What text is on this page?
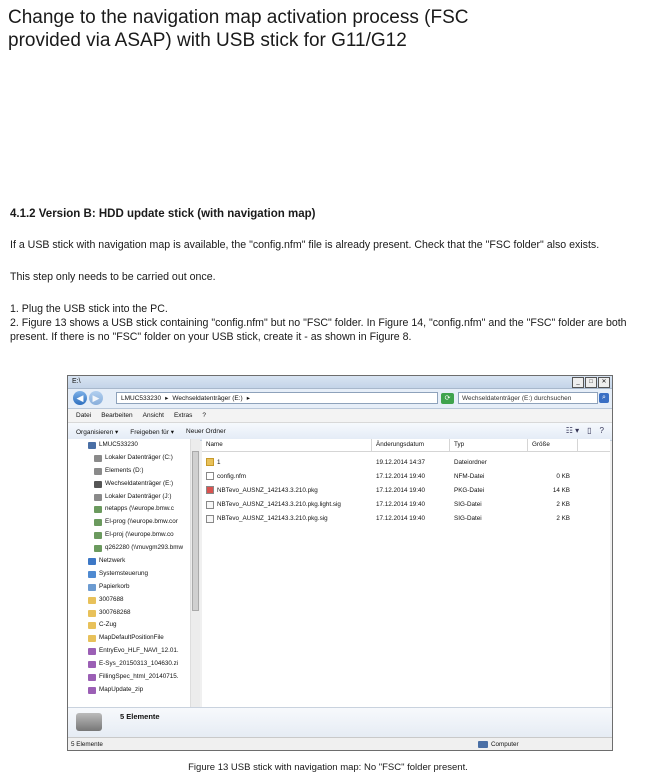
Change to the navigation map activation process (FSC provided via ASAP) with USB stick for G11/G12
4.1.2 Version B: HDD update stick (with navigation map)

If a USB stick with navigation map is available, the "config.nfm" file is already present. Check that the "FSC folder" also exists.

This step only needs to be carried out once.

1. Plug the USB stick into the PC.
2. Figure 13 shows a USB stick containing "config.nfm" but no "FSC" folder. In Figure 14, "config.nfm" and the "FSC" folder are both present. If there is no "FSC" folder on your USB stick, create it - as shown in Figure 8.
E:\	_	□	✕
◀	▶	LMUC533230 ▸ Wechseldatenträger (E:) ▸	⟳	Wechseldatenträger (E:) durchsuchen	⌕
Datei Bearbeiten Ansicht Extras ?
Organisieren ▾ Freigeben für ▾ Neuer Ordner	☷ ▾ ▯ ?
LMUC533230
Lokaler Datenträger (C:)
Elements (D:)
Wechseldatenträger (E:)
Lokaler Datenträger (J:)
netapps (\\europe.bmw.c
EI-prog (\\europe.bmw.cor
EI-proj (\\europe.bmw.co
q262280 (\\muvgm293.bmw
Netzwerk
Systemsteuerung
Papierkorb
3007688
300768268
C-Zug
MapDefaultPositionFile
EntryEvo_HLF_NAVI_12.01.
E-Sys_20150313_104630.zi
FillingSpec_html_20140715.
MapUpdate_zip
Name	Änderungsdatum	Typ	Größe
1	19.12.2014 14:37	Dateiordner
config.nfm	17.12.2014 19:40	NFM-Datei	0 KB
NBTevo_AUSNZ_142143.3.210.pkg	17.12.2014 19:40	PKG-Datei	14 KB
NBTevo_AUSNZ_142143.3.210.pkg.light.sig	17.12.2014 19:40	SIG-Datei	2 KB
NBTevo_AUSNZ_142143.3.210.pkg.sig	17.12.2014 19:40	SIG-Datei	2 KB
5 Elemente
5 Elemente	Computer

Figure 13 USB stick with navigation map: No "FSC" folder present.
